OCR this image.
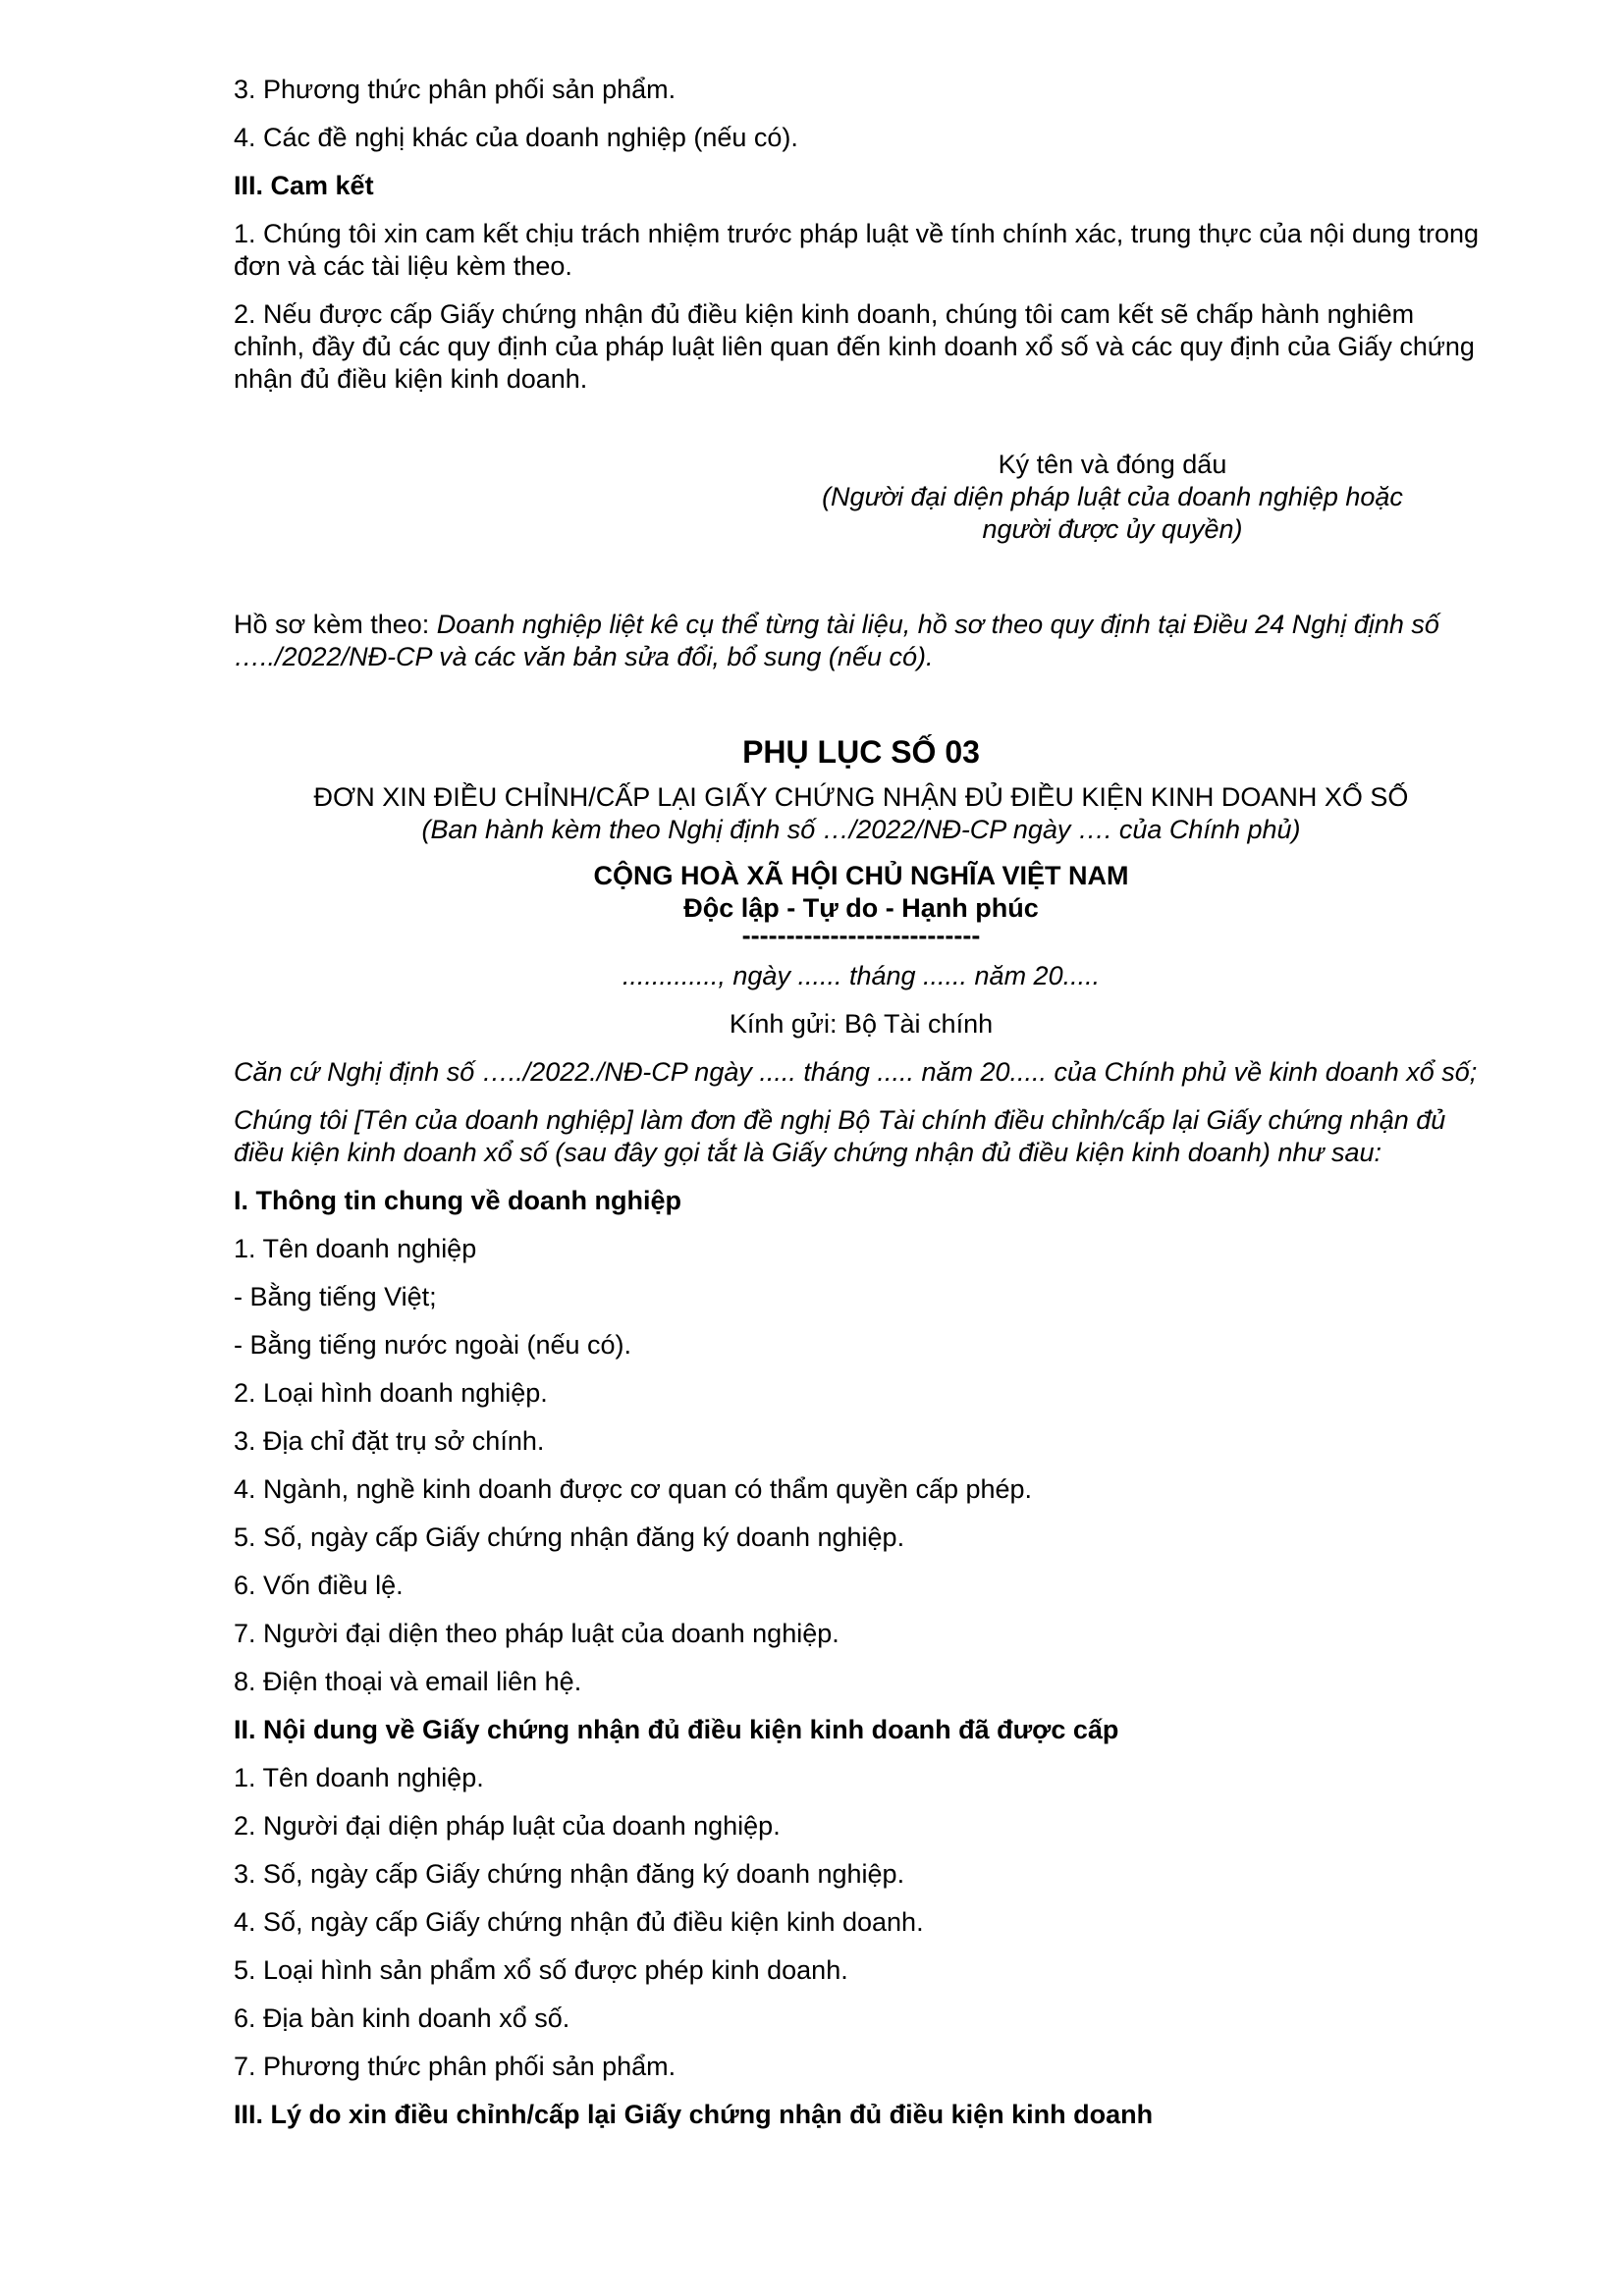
3. Phương thức phân phối sản phẩm.

4. Các đề nghị khác của doanh nghiệp (nếu có).

III. Cam kết

1. Chúng tôi xin cam kết chịu trách nhiệm trước pháp luật về tính chính xác, trung thực của nội dung trong đơn và các tài liệu kèm theo.

2. Nếu được cấp Giấy chứng nhận đủ điều kiện kinh doanh, chúng tôi cam kết sẽ chấp hành nghiêm chỉnh, đầy đủ các quy định của pháp luật liên quan đến kinh doanh xổ số và các quy định của Giấy chứng nhận đủ điều kiện kinh doanh.

Ký tên và đóng dấu

(Người đại diện pháp luật của doanh nghiệp hoặc

người được ủy quyền)

Hồ sơ kèm theo: Doanh nghiệp liệt kê cụ thể từng tài liệu, hồ sơ theo quy định tại Điều 24 Nghị định số …../2022/NĐ-CP và các văn bản sửa đổi, bổ sung (nếu có).

PHỤ LỤC SỐ 03

ĐƠN XIN ĐIỀU CHỈNH/CẤP LẠI GIẤY CHỨNG NHẬN ĐỦ ĐIỀU KIỆN KINH DOANH XỔ SỐ

(Ban hành kèm theo Nghị định số …/2022/NĐ-CP ngày …. của Chính phủ)

CỘNG HOÀ XÃ HỘI CHỦ NGHĨA VIỆT NAM

Độc lập - Tự do - Hạnh phúc

---------------------------

............., ngày ...... tháng ...... năm 20.....

Kính gửi: Bộ Tài chính

Căn cứ Nghị định số …../2022./NĐ-CP ngày ..... tháng ..... năm 20..... của Chính phủ về kinh doanh xổ số;

Chúng tôi [Tên của doanh nghiệp] làm đơn đề nghị Bộ Tài chính điều chỉnh/cấp lại Giấy chứng nhận đủ điều kiện kinh doanh xổ số (sau đây gọi tắt là Giấy chứng nhận đủ điều kiện kinh doanh) như sau:

I. Thông tin chung về doanh nghiệp

1. Tên doanh nghiệp

- Bằng tiếng Việt;

- Bằng tiếng nước ngoài (nếu có).

2. Loại hình doanh nghiệp.

3. Địa chỉ đặt trụ sở chính.

4. Ngành, nghề kinh doanh được cơ quan có thẩm quyền cấp phép.

5. Số, ngày cấp Giấy chứng nhận đăng ký doanh nghiệp.

6. Vốn điều lệ.

7. Người đại diện theo pháp luật của doanh nghiệp.

8. Điện thoại và email liên hệ.

II. Nội dung về Giấy chứng nhận đủ điều kiện kinh doanh đã được cấp

1. Tên doanh nghiệp.

2. Người đại diện pháp luật của doanh nghiệp.

3. Số, ngày cấp Giấy chứng nhận đăng ký doanh nghiệp.

4. Số, ngày cấp Giấy chứng nhận đủ điều kiện kinh doanh.

5. Loại hình sản phẩm xổ số được phép kinh doanh.

6. Địa bàn kinh doanh xổ số.

7. Phương thức phân phối sản phẩm.

III. Lý do xin điều chỉnh/cấp lại Giấy chứng nhận đủ điều kiện kinh doanh
